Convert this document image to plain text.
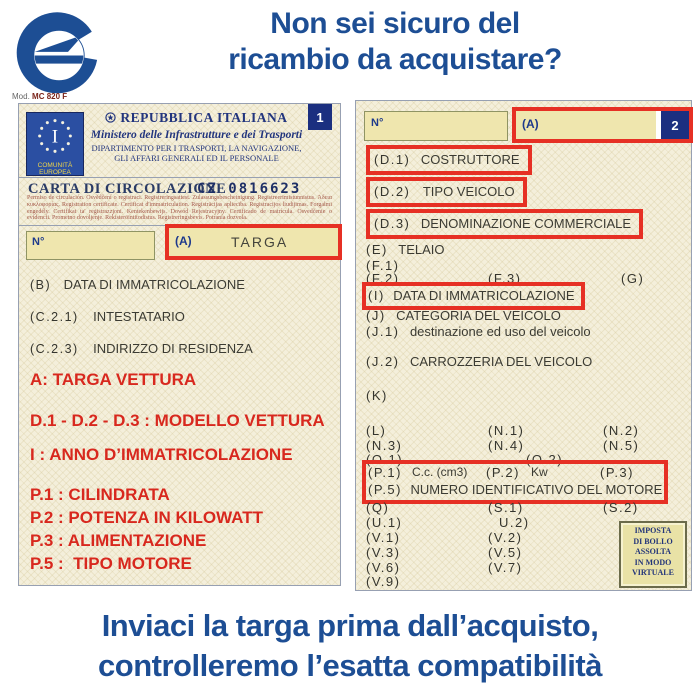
Non sei sicuro del
ricambio da acquistare?
Mod. MC 820 F
I
COMUNITÀ
EUROPEA
1
REPUBBLICA ITALIANA
Ministero delle Infrastrutture e dei Trasporti
DIPARTIMENTO PER I TRASPORTI, LA NAVIGAZIONE,
GLI AFFARI GENERALI ED IL PERSONALE
CARTA DI CIRCOLAZIONE
CZ 0816623
Permiso de circulación. Osvědčení o registraci. Registreringsattest. Zulassungsbescheinigung. Registreerimistunnistus. Άδεια κυκλοφορίας. Registration certificate. Certificat d'immatriculation. Registrācijas apliecība. Registracijos liudijimas. Forgalmi engedély. Ċertifikat ta' reġistrazzjoni. Kentekenbewijs. Dowód Rejestracyjny. Certificado de matrícula. Osvedčenie o evidencii. Prometno dovoljenje. Rekisteröintitodistus. Registreringsbevis. Potrania dozvola.
N°	(A)	TARGA
(B) DATA DI IMMATRICOLAZIONE
(C.2.1) INTESTATARIO
(C.2.3) INDIRIZZO DI RESIDENZA
A: TARGA VETTURA
D.1 - D.2 - D.3 : MODELLO VETTURA
I : ANNO D’IMMATRICOLAZIONE
P.1 : CILINDRATA
P.2 : POTENZA IN KILOWATT
P.3 : ALIMENTAZIONE
P.5 :  TIPO MOTORE
N°	(A)	2
(D.1) COSTRUTTORE
(D.2) TIPO VEICOLO
(D.3) DENOMINAZIONE COMMERCIALE
(E) TELAIO
(F.1)
(F.2)	(F.3)	(G)
(I) DATA DI IMMATRICOLAZIONE
(J) CATEGORIA DEL VEICOLO
(J.1) destinazione ed uso del veicolo
(J.2) CARROZZERIA DEL VEICOLO
(K)
(L)	(N.1)	(N.2)
(N.3)	(N.4)	(N.5)
(O.1)	(O.2)
(P.1) C.c. (cm3) (P.2) Kw	(P.3)
(P.5) NUMERO IDENTIFICATIVO DEL MOTORE
(Q)	(S.1)	(S.2)
(U.1)	U.2)
(V.1)	(V.2)
(V.3)	(V.5)
(V.6)	(V.7)
(V.9)
IMPOSTA
DI BOLLO
ASSOLTA
IN MODO
VIRTUALE
Inviaci la targa prima dall’acquisto,
controlleremo l’esatta compatibilità
